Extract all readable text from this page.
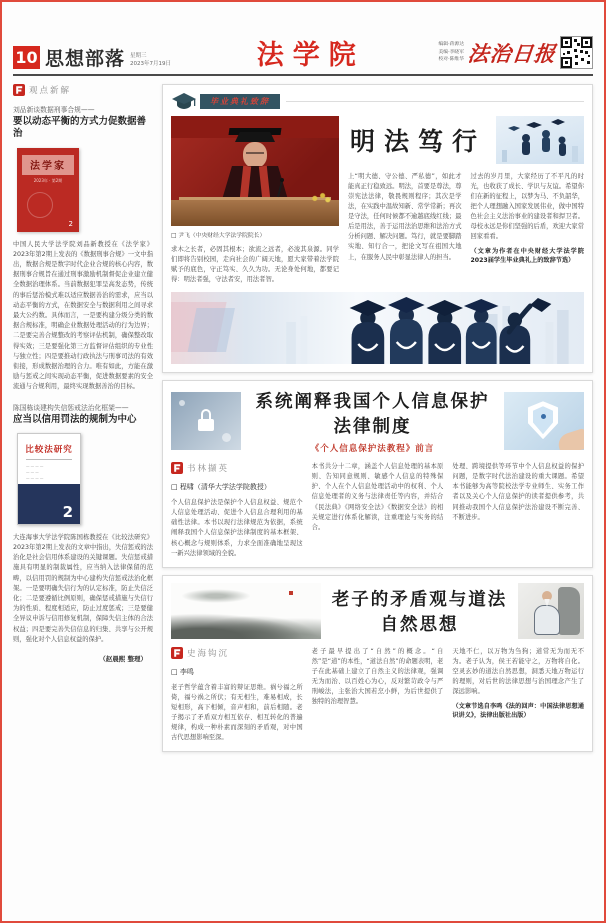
10 思想部落 星期三
2023年7月19日	法学院	编辑·蒋源达
美编·李晓军
校对·陈维华 法治日报
观点新解
刘品新谈数据刑事合规——
要以动态平衡的方式力促数据善治
法学家
2023年 · 第2期
2
中国人民大学法学院刘品新教授在《法学家》2023年第2期上发表的《数据刑事合规》一文中指出，数据合规是数字时代企业合规的核心内容，数据刑事合规旨在通过刑事激励机制督促企业建立健全数据治理体系。当前数据犯罪呈高发态势，传统的事后惩治模式难以适应数据善治的需求，应当以动态平衡的方式，在数据安全与数据利用之间寻求最大公约数。具体而言，一是要构建分级分类的数据合规标准，明确企业数据处理活动的行为边界；二是要完善合规整改的考察评估机制，确保整改取得实效；三是要强化第三方监督评估组织的专业性与独立性；四是要推动行政执法与刑事司法的有效衔接，形成数据治理的合力。唯有如此，方能在激励与惩戒之间实现动态平衡，促进数据要素的安全流通与合规利用，最终实现数据善治的目标。
陈国栋谈建构失信惩戒法治化框架——
应当以信用罚法的规制为中心
比较法研究
— — — —
— — —
— — — —
2
大连海事大学法学院陈国栋教授在《比较法研究》2023年第2期上发表的文章中指出，失信惩戒的法治化是社会信用体系建设的关键课题。失信惩戒措施具有明显的制裁属性，应当纳入法律保留的范畴，以信用罚的规制为中心建构失信惩戒法治化框架。一是要明确失信行为的认定标准，防止失信泛化；二是要遵循比例原则，确保惩戒措施与失信行为的性质、程度相适应，防止过度惩戒；三是要健全异议申诉与信用修复机制，保障失信主体的合法权益；四是要完善失信信息的归集、共享与公开规则，强化对个人信息权益的保护。
（赵晨熙 整理）
毕业典礼致辞
□ 尹飞（中央财经大学法学院院长）
求木之长者，必固其根本；欲流之远者，必浚其泉源。同学们即将告别校园，走向社会的广阔天地，愿大家带着法学院赋予的底色，守正笃实、久久为功。无论身处何地，都要记得：明法者强，守法者安，用法者智。
明法笃行
上“明大德、守公德、严私德”，如此才能真正行稳致远。明法，首要是尊法，尊崇宪法法律，敬畏规则程序；其次是学法，在实践中温故知新、常学常新；再次是守法，任何时候都不逾越底线红线；最后是用法，善于运用法治思维和法治方式分析问题、解决问题。笃行，就是要脚踏实地、知行合一，把论文写在祖国大地上，在服务人民中彰显法律人的担当。
过去的岁月里，大家经历了不平凡的时光，也收获了成长、学识与友谊。希望你们在新的征程上，以梦为马、不负韶华，把个人理想融入国家发展伟业，做中国特色社会主义法治事业的建设者和捍卫者。母校永远是你们坚强的后盾，欢迎大家常回家看看。
（文章为作者在中央财经大学法学院2023届学生毕业典礼上的致辞节选）
系统阐释我国个人信息保护法律制度
《个人信息保护法教程》前言
书林撷英
□ 程啸（清华大学法学院教授）
个人信息保护法是保护个人信息权益、规范个人信息处理活动、促进个人信息合理利用的基础性法律。本书以现行法律规范为依据，系统阐释我国个人信息保护法律制度的基本框架、核心概念与规则体系，力求全面准确地呈现这一新兴法律领域的全貌。
本书共分十二章，涵盖个人信息处理的基本原则、告知同意规则、敏感个人信息的特殊保护、个人在个人信息处理活动中的权利、个人信息处理者的义务与法律责任等内容，并结合《民法典》《网络安全法》《数据安全法》的相关规定进行体系化解读，注重理论与实务的结合。
处理、跨境提供等环节中个人信息权益的保护问题，是数字时代法治建设的重大课题。希望本书能够为高等院校法学专业师生、实务工作者以及关心个人信息保护的读者提供参考，共同推动我国个人信息保护法治建设不断完善、不断进步。
老子的矛盾观与道法自然思想
史海钩沉
□ 李鸣
老子哲学蕴含着丰富的辩证思维。祸兮福之所倚，福兮祸之所伏；有无相生，难易相成，长短相形，高下相倾，音声相和，前后相随。老子揭示了矛盾双方相互依存、相互转化的普遍规律，构成一种朴素而深刻的矛盾观，对中国古代思想影响至深。
老子最早提出了“自然”的概念。“自然”是“道”的本性，“道法自然”的命题表明，老子在此基础上建立了自然主义的法律观，强调无为而治、以百姓心为心，反对繁苛政令与严刑峻法，主张治大国若烹小鲜，为后世提供了独特的治理智慧。
天地不仁，以万物为刍狗；道常无为而无不为。老子认为，侯王若能守之，万物将自化。空灵玄妙的道法自然思想，洞悉天地万物运行的理则，对后世的法律思想与治国理念产生了深远影响。
（文章节选自李鸣《法的回声：中国法律思想通识讲义》，法律出版社出版）
